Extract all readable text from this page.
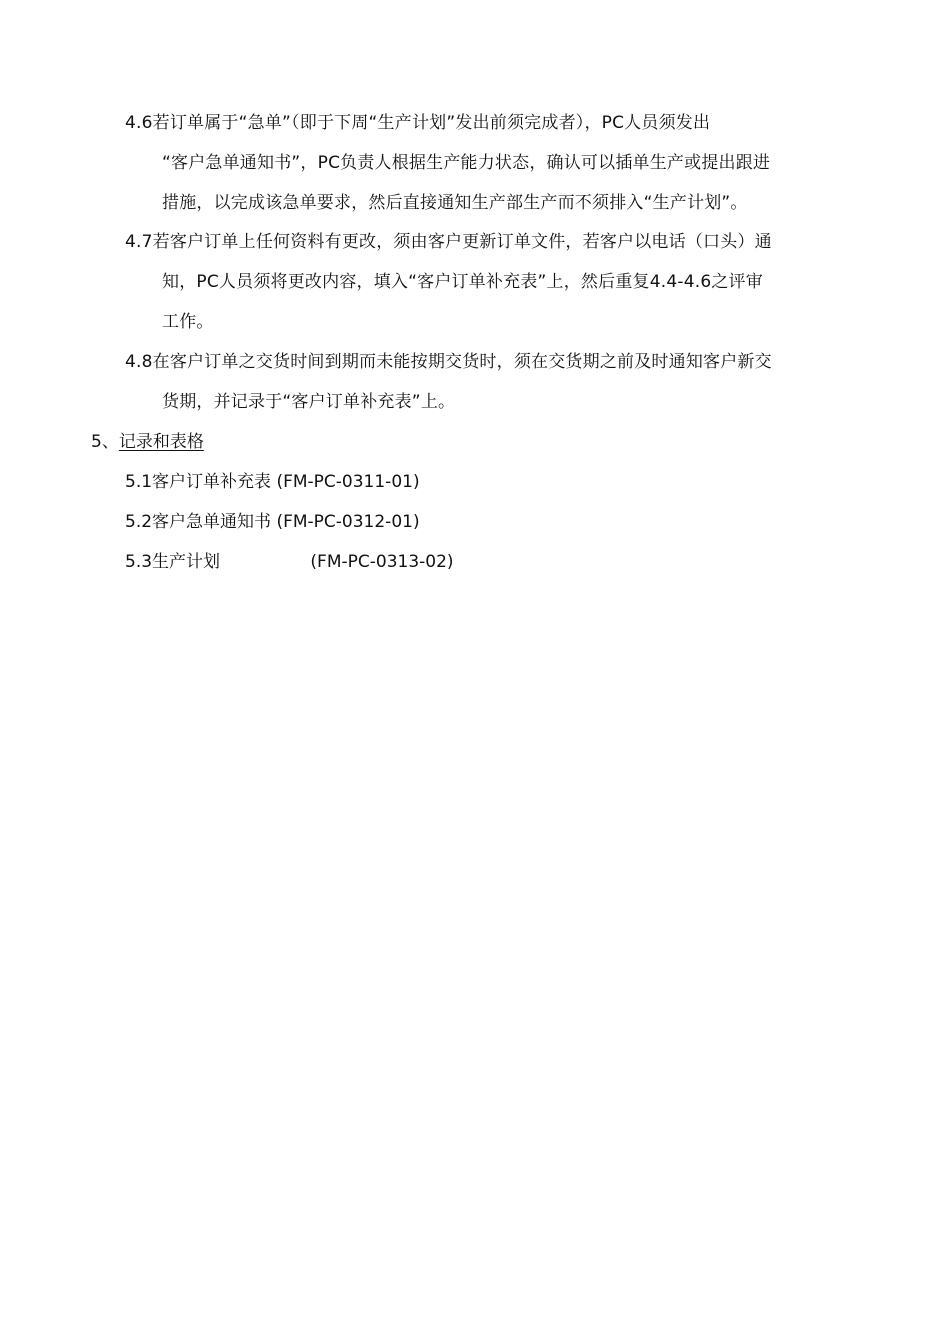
4.6若订单属于“急单”（即于下周“生产计划”发出前须完成者），PC人员须发出
“客户急单通知书”，PC负责人根据生产能力状态，确认可以插单生产或提出跟进
措施，以完成该急单要求，然后直接通知生产部生产而不须排入“生产计划”。
4.7若客户订单上任何资料有更改，须由客户更新订单文件，若客户以电话（口头）通
知，PC人员须将更改内容，填入“客户订单补充表”上，然后重复4.4-4.6之评审
工作。
4.8在客户订单之交货时间到期而未能按期交货时，须在交货期之前及时通知客户新交
货期，并记录于“客户订单补充表”上。
5、记录和表格
5.1客户订单补充表 (FM-PC-0311-01)
5.2客户急单通知书 (FM-PC-0312-01)
5.3生产计划	(FM-PC-0313-02)
